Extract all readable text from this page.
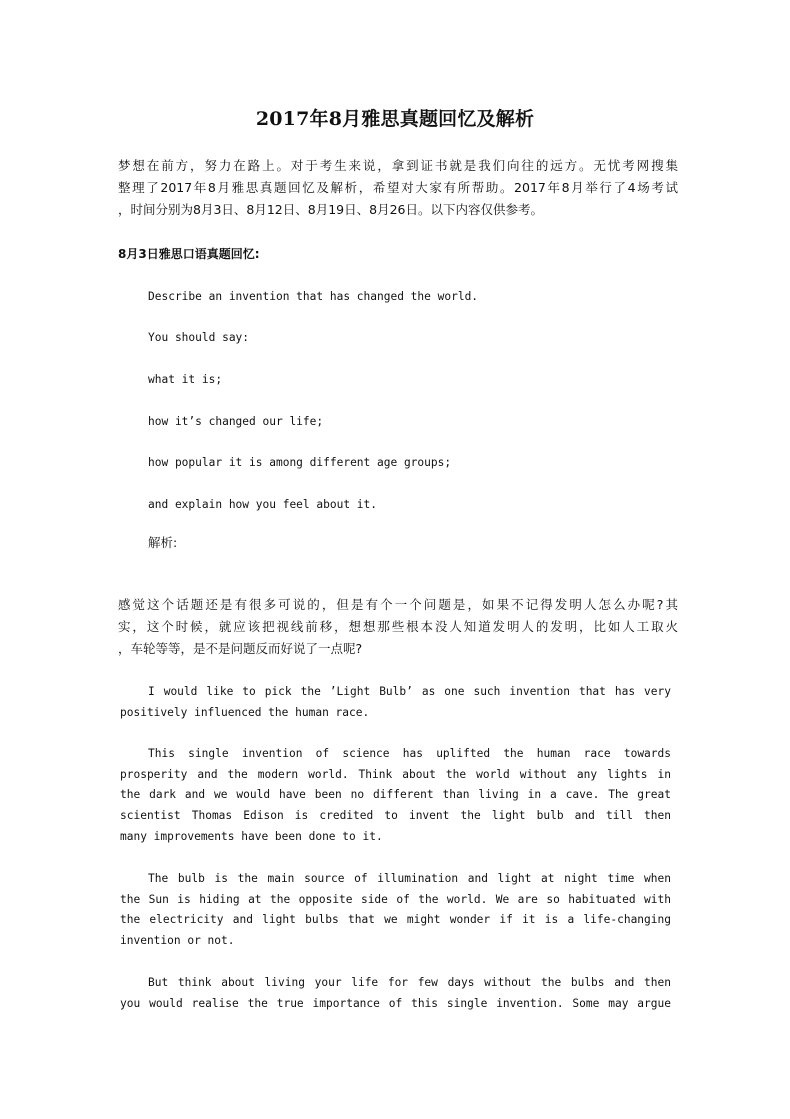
2017年8月雅思真题回忆及解析
梦想在前方，努力在路上。对于考生来说，拿到证书就是我们向往的远方。无忧考网搜集
整理了2017年8月雅思真题回忆及解析，希望对大家有所帮助。2017年8月举行了4场考试
，时间分别为8月3日、8月12日、8月19日、8月26日。以下内容仅供参考。
8月3日雅思口语真题回忆:
Describe an invention that has changed the world.
You should say:
what it is;
how it’s changed our life;
how popular it is among different age groups;
and explain how you feel about it.
解析:
感觉这个话题还是有很多可说的，但是有个一个问题是，如果不记得发明人怎么办呢?其
实，这个时候，就应该把视线前移，想想那些根本没人知道发明人的发明，比如人工取火
，车轮等等，是不是问题反而好说了一点呢?
I would like to pick the ’Light Bulb’ as one such invention that has very
positively influenced the human race.
This single invention of science has uplifted the human race towards
prosperity and the modern world. Think about the world without any lights in
the dark and we would have been no different than living in a cave. The great
scientist Thomas Edison is credited to invent the light bulb and till then
many improvements have been done to it.
The bulb is the main source of illumination and light at night time when
the Sun is hiding at the opposite side of the world. We are so habituated with
the electricity and light bulbs that we might wonder if it is a life-changing
invention or not.
But think about living your life for few days without the bulbs and then
you would realise the true importance of this single invention. Some may argue
